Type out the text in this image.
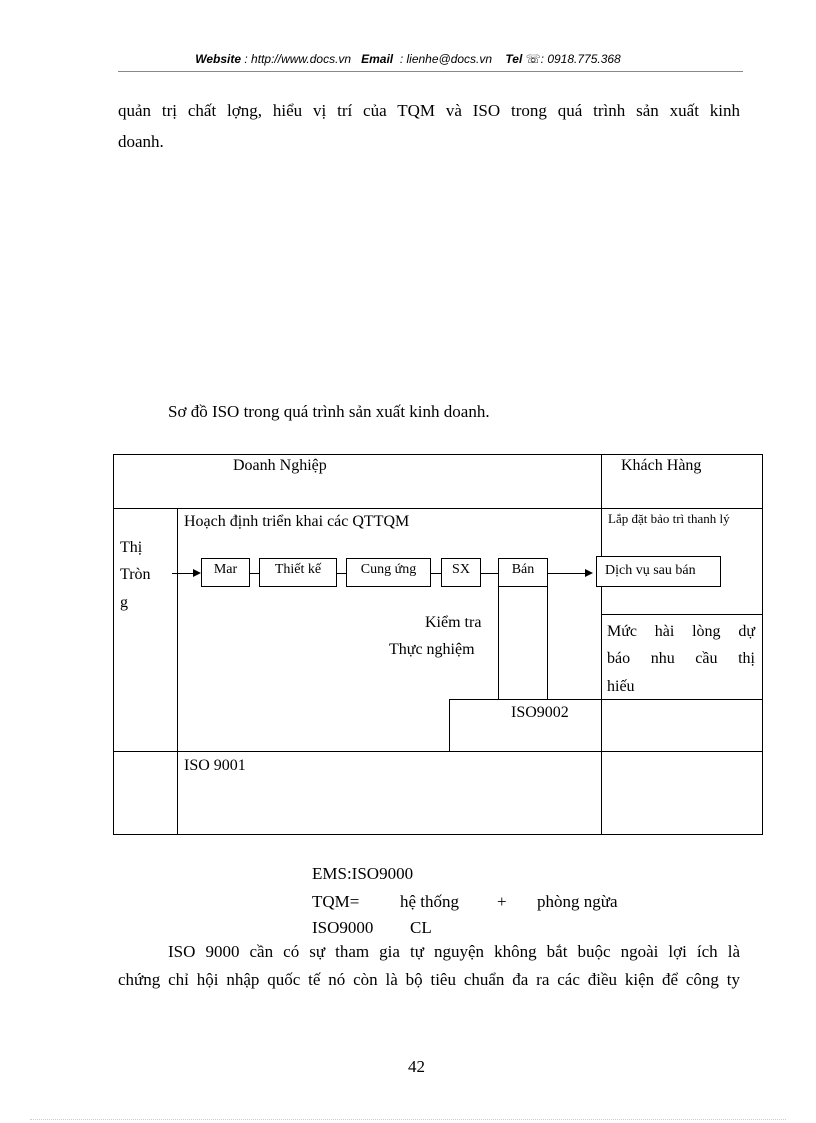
Website : http://www.docs.vn Email : lienhe@docs.vn Tel ☏: 0918.775.368
quản trị chất lợng, hiểu vị trí của TQM và ISO trong quá trình sản xuất kinh
doanh.
Sơ đồ ISO trong quá trình sản xuất kinh doanh.
Doanh Nghiệp	Khách Hàng
Thị
Tròn
g
Hoạch định triển khai các QTTQM	Lắp đặt bảo trì thanh lý
Mar	Thiết kế	Cung ứng	SX	Bán	Dịch vụ sau bán
Kiểm tra
Thực nghiệm
Mức hài lòng dự
báo nhu cầu thị
hiếu
ISO9002
ISO 9001
EMS:ISO9000
TQM= hệ thống + phòng ngừa
ISO9000 CL
ISO 9000 cần có sự tham gia tự nguyện không bắt buộc ngoài lợi ích là
chứng chỉ hội nhập quốc tế nó còn là bộ tiêu chuẩn đa ra các điều kiện để công ty
42
